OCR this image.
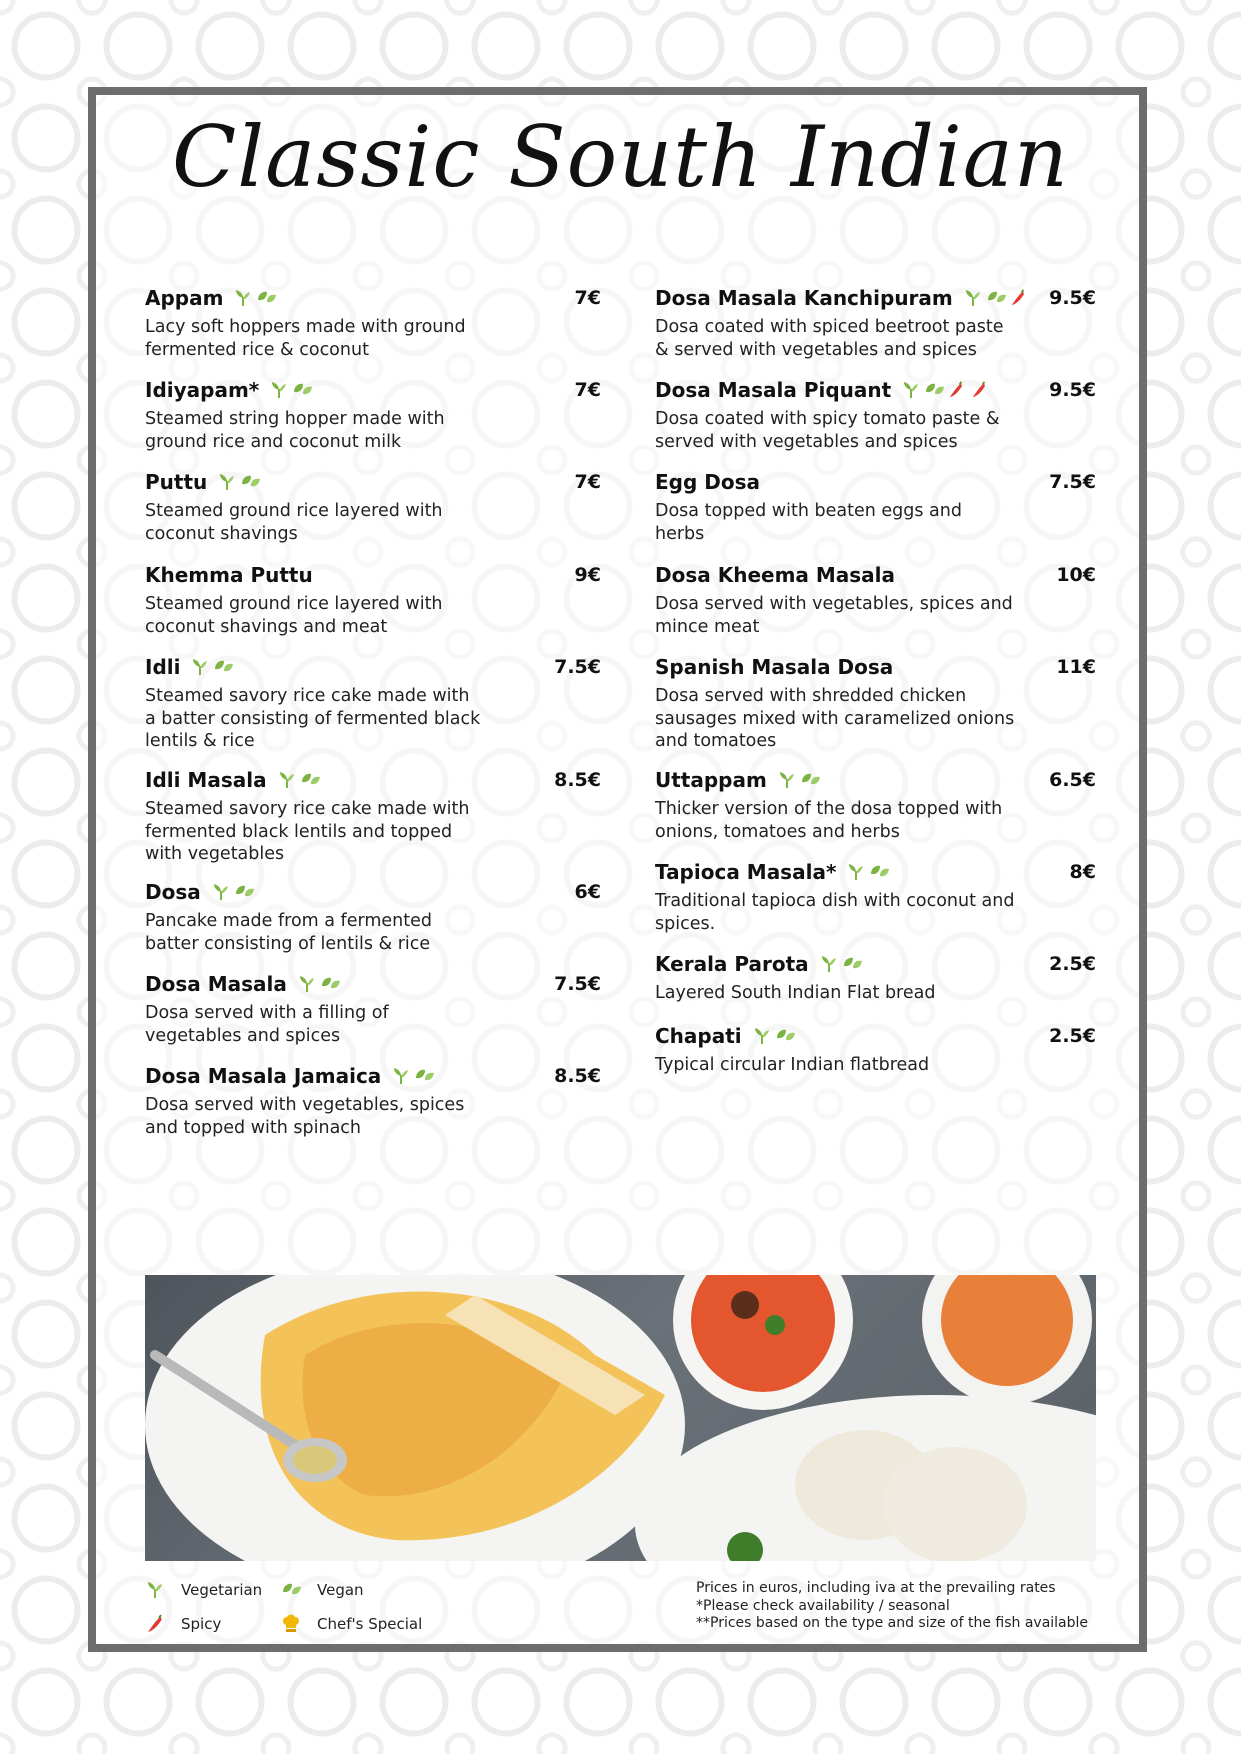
Classic South Indian
Appam	7€
Lacy soft hoppers made with ground fermented rice & coconut
Idiyapam*	7€
Steamed string hopper made with ground rice and coconut milk
Puttu	7€
Steamed ground rice layered with coconut shavings
Khemma Puttu	9€
Steamed ground rice layered with coconut shavings and meat
Idli	7.5€
Steamed savory rice cake made with a batter consisting of fermented black lentils & rice
Idli Masala	8.5€
Steamed savory rice cake made with fermented black lentils and topped with vegetables
Dosa	6€
Pancake made from a fermented batter consisting of lentils & rice
Dosa Masala	7.5€
Dosa served with a filling of vegetables and spices
Dosa Masala Jamaica	8.5€
Dosa served with vegetables, spices and topped with spinach
Dosa Masala Kanchipuram	9.5€
Dosa coated with spiced beetroot paste & served with vegetables and spices
Dosa Masala Piquant	9.5€
Dosa coated with spicy tomato paste & served with vegetables and spices
Egg Dosa	7.5€
Dosa topped with beaten eggs and herbs
Dosa Kheema Masala	10€
Dosa served with vegetables, spices and mince meat
Spanish Masala Dosa	11€
Dosa served with shredded chicken sausages mixed with caramelized onions and tomatoes
Uttappam	6.5€
Thicker version of the dosa topped with onions, tomatoes and herbs
Tapioca Masala*	8€
Traditional tapioca dish with coconut and spices.
Kerala Parota	2.5€
Layered South Indian Flat bread
Chapati	2.5€
Typical circular Indian flatbread
Vegetarian	Vegan
Spicy	Chef's Special
Prices in euros, including iva at the prevailing rates
*Please check availability / seasonal
**Prices based on the type and size of the fish available
